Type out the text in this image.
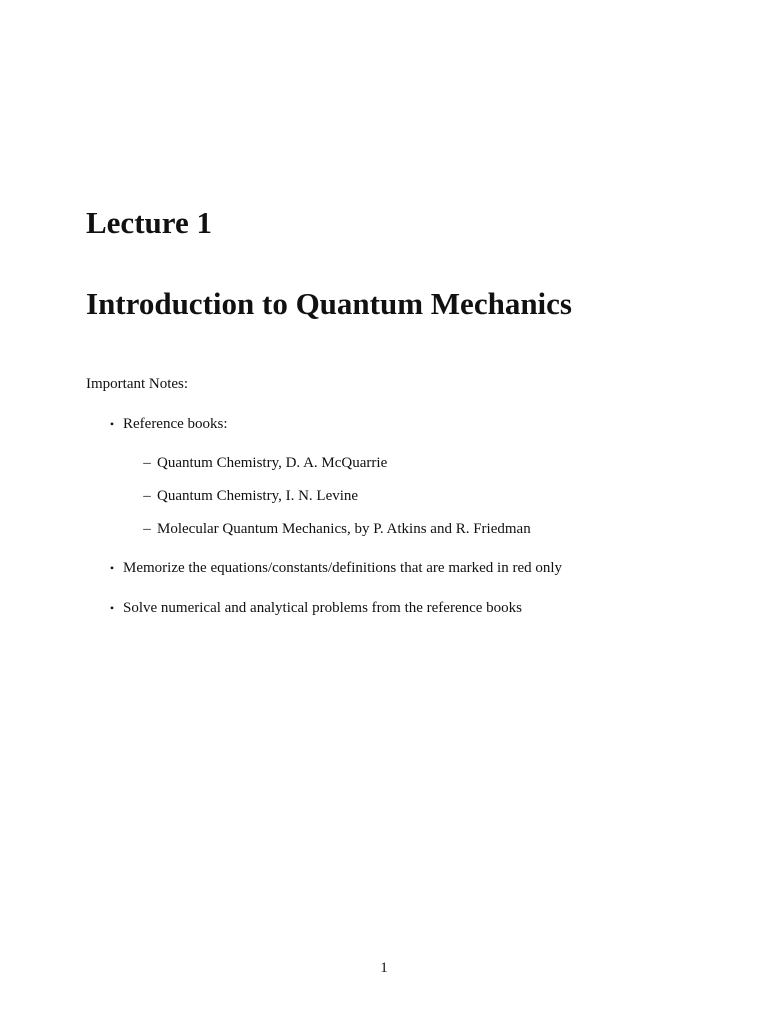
Lecture 1
Introduction to Quantum Mechanics
Important Notes:
• Reference books:
– Quantum Chemistry, D. A. McQuarrie
– Quantum Chemistry, I. N. Levine
– Molecular Quantum Mechanics, by P. Atkins and R. Friedman
• Memorize the equations/constants/definitions that are marked in red only
• Solve numerical and analytical problems from the reference books
1
